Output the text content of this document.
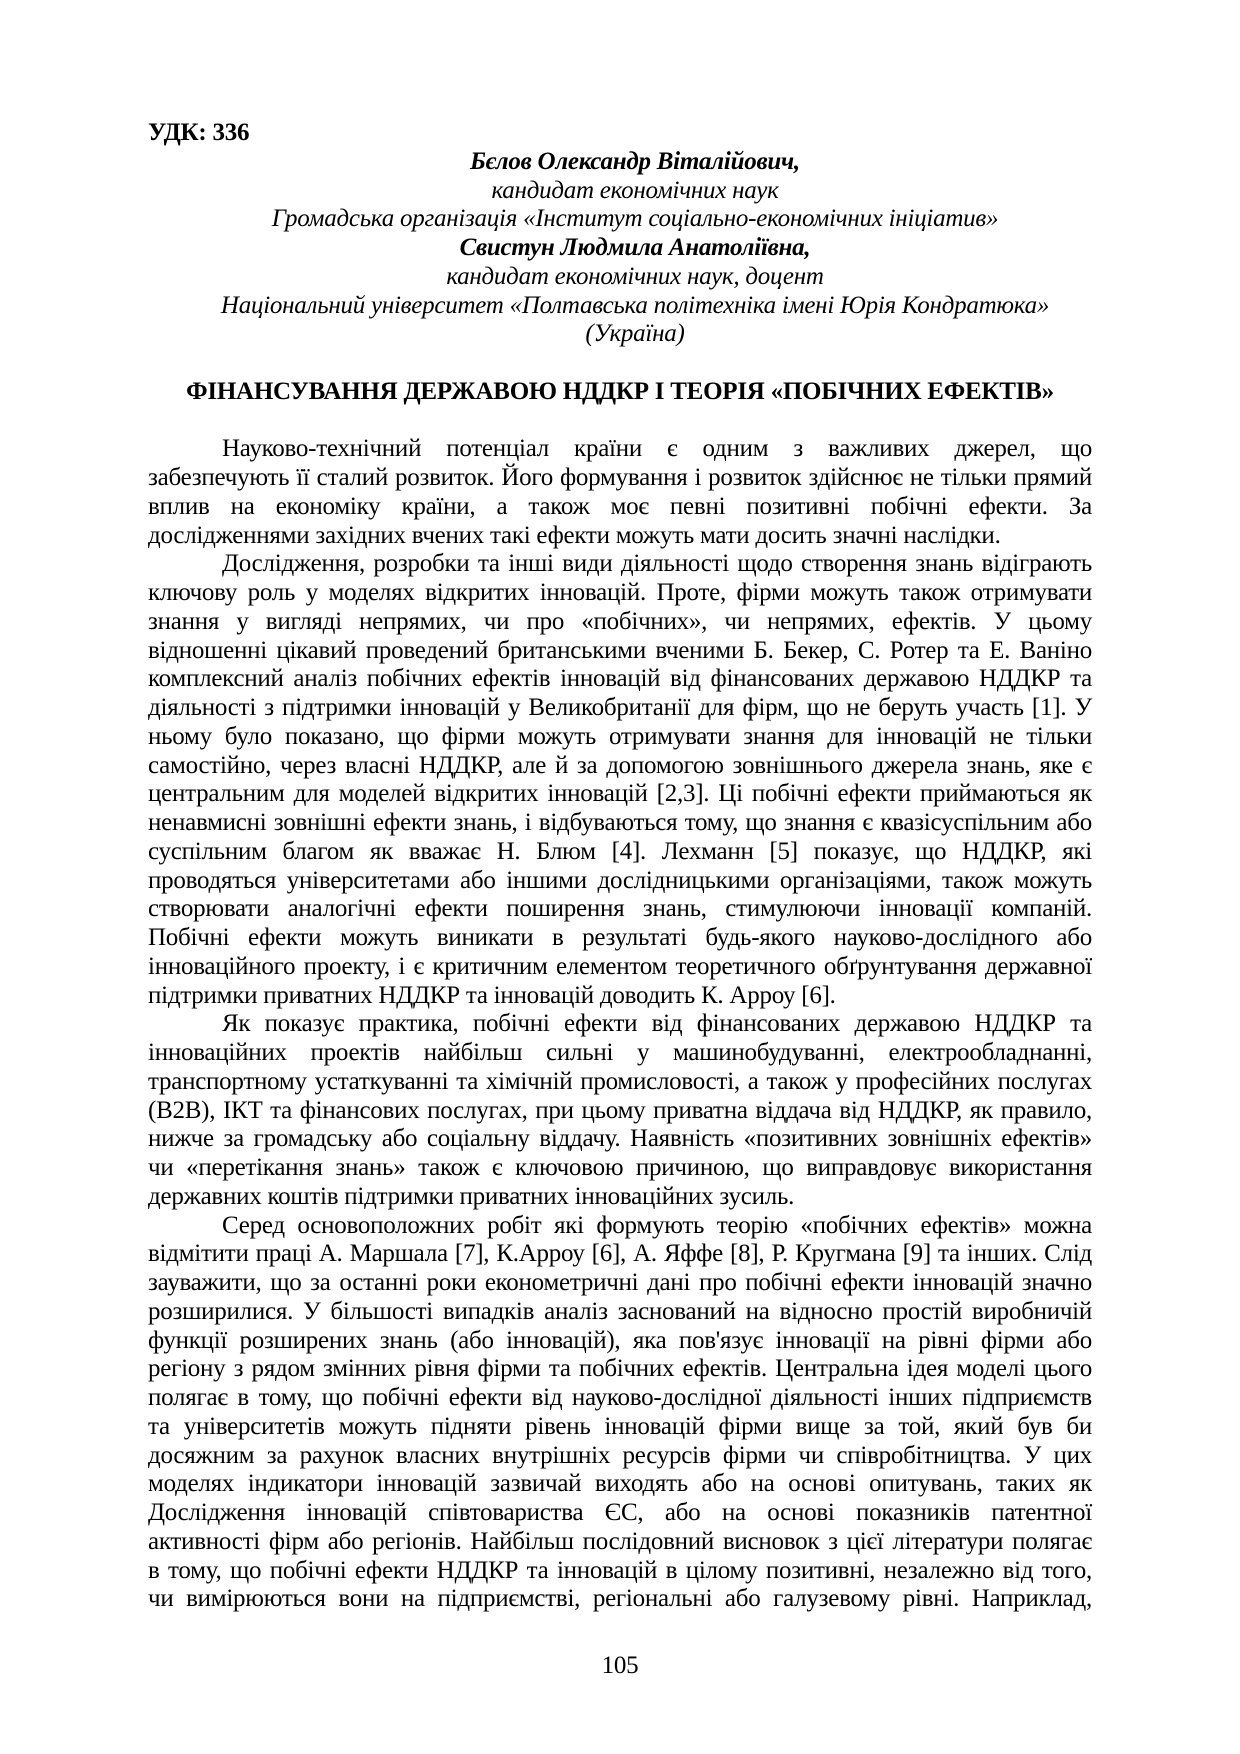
УДК: 336
Бєлов Олександр Віталійович,
кандидат економічних наук
Громадська організація «Інститут соціально-економічних ініціатив»
Свистун Людмила Анатоліївна,
кандидат економічних наук, доцент
Національний університет «Полтавська політехніка імені Юрія Кондратюка»
(Україна)
ФІНАНСУВАННЯ ДЕРЖАВОЮ НДДКР І ТЕОРІЯ «ПОБІЧНИХ ЕФЕКТІВ»
Науково-технічний потенціал країни є одним з важливих джерел, що
забезпечують її сталий розвиток. Його формування і розвиток здійснює не тільки прямий
вплив на економіку країни, а також моє певні позитивні побічні ефекти. За
дослідженнями західних вчених такі ефекти можуть мати досить значні наслідки.
Дослідження, розробки та інші види діяльності щодо створення знань відіграють
ключову роль у моделях відкритих інновацій. Проте, фірми можуть також отримувати
знання у вигляді непрямих, чи про «побічних», чи непрямих, ефектів. У цьому
відношенні цікавий проведений британськими вченими Б. Бекер, С. Ротер та Е. Ваніно
комплексний аналіз побічних ефектів інновацій від фінансованих державою НДДКР та
діяльності з підтримки інновацій у Великобританії для фірм, що не беруть участь [1]. У
ньому було показано, що фірми можуть отримувати знання для інновацій не тільки
самостійно, через власні НДДКР, але й за допомогою зовнішнього джерела знань, яке є
центральним для моделей відкритих інновацій [2,3]. Ці побічні ефекти приймаються як
ненавмисні зовнішні ефекти знань, і відбуваються тому, що знання є квазісуспільним або
суспільним благом як вважає Н. Блюм [4]. Лехманн [5] показує, що НДДКР, які
проводяться університетами або іншими дослідницькими організаціями, також можуть
створювати аналогічні ефекти поширення знань, стимулюючи інновації компаній.
Побічні ефекти можуть виникати в результаті будь-якого науково-дослідного або
інноваційного проекту, і є критичним елементом теоретичного обґрунтування державної
підтримки приватних НДДКР та інновацій доводить К. Арроу [6].
Як показує практика, побічні ефекти від фінансованих державою НДДКР та
інноваційних проектів найбільш сильні у машинобудуванні, електрообладнанні,
транспортному устаткуванні та хімічній промисловості, а також у професійних послугах
(B2B), ІКТ та фінансових послугах, при цьому приватна віддача від НДДКР, як правило,
нижче за громадську або соціальну віддачу. Наявність «позитивних зовнішніх ефектів»
чи «перетікання знань» також є ключовою причиною, що виправдовує використання
державних коштів підтримки приватних інноваційних зусиль.
Серед основоположних робіт які формують теорію «побічних ефектів» можна
відмітити праці А. Маршала [7], К.Арроу [6], А. Яффе [8], Р. Кругмана [9] та інших. Слід
зауважити, що за останні роки економетричні дані про побічні ефекти інновацій значно
розширилися. У більшості випадків аналіз заснований на відносно простій виробничій
функції розширених знань (або інновацій), яка пов'язує інновації на рівні фірми або
регіону з рядом змінних рівня фірми та побічних ефектів. Центральна ідея моделі цього
полягає в тому, що побічні ефекти від науково-дослідної діяльності інших підприємств
та університетів можуть підняти рівень інновацій фірми вище за той, який був би
досяжним за рахунок власних внутрішніх ресурсів фірми чи співробітництва. У цих
моделях індикатори інновацій зазвичай виходять або на основі опитувань, таких як
Дослідження інновацій співтовариства ЄС, або на основі показників патентної
активності фірм або регіонів. Найбільш послідовний висновок з цієї літератури полягає
в тому, що побічні ефекти НДДКР та інновацій в цілому позитивні, незалежно від того,
чи вимірюються вони на підприємстві, регіональні або галузевому рівні. Наприклад,
105
